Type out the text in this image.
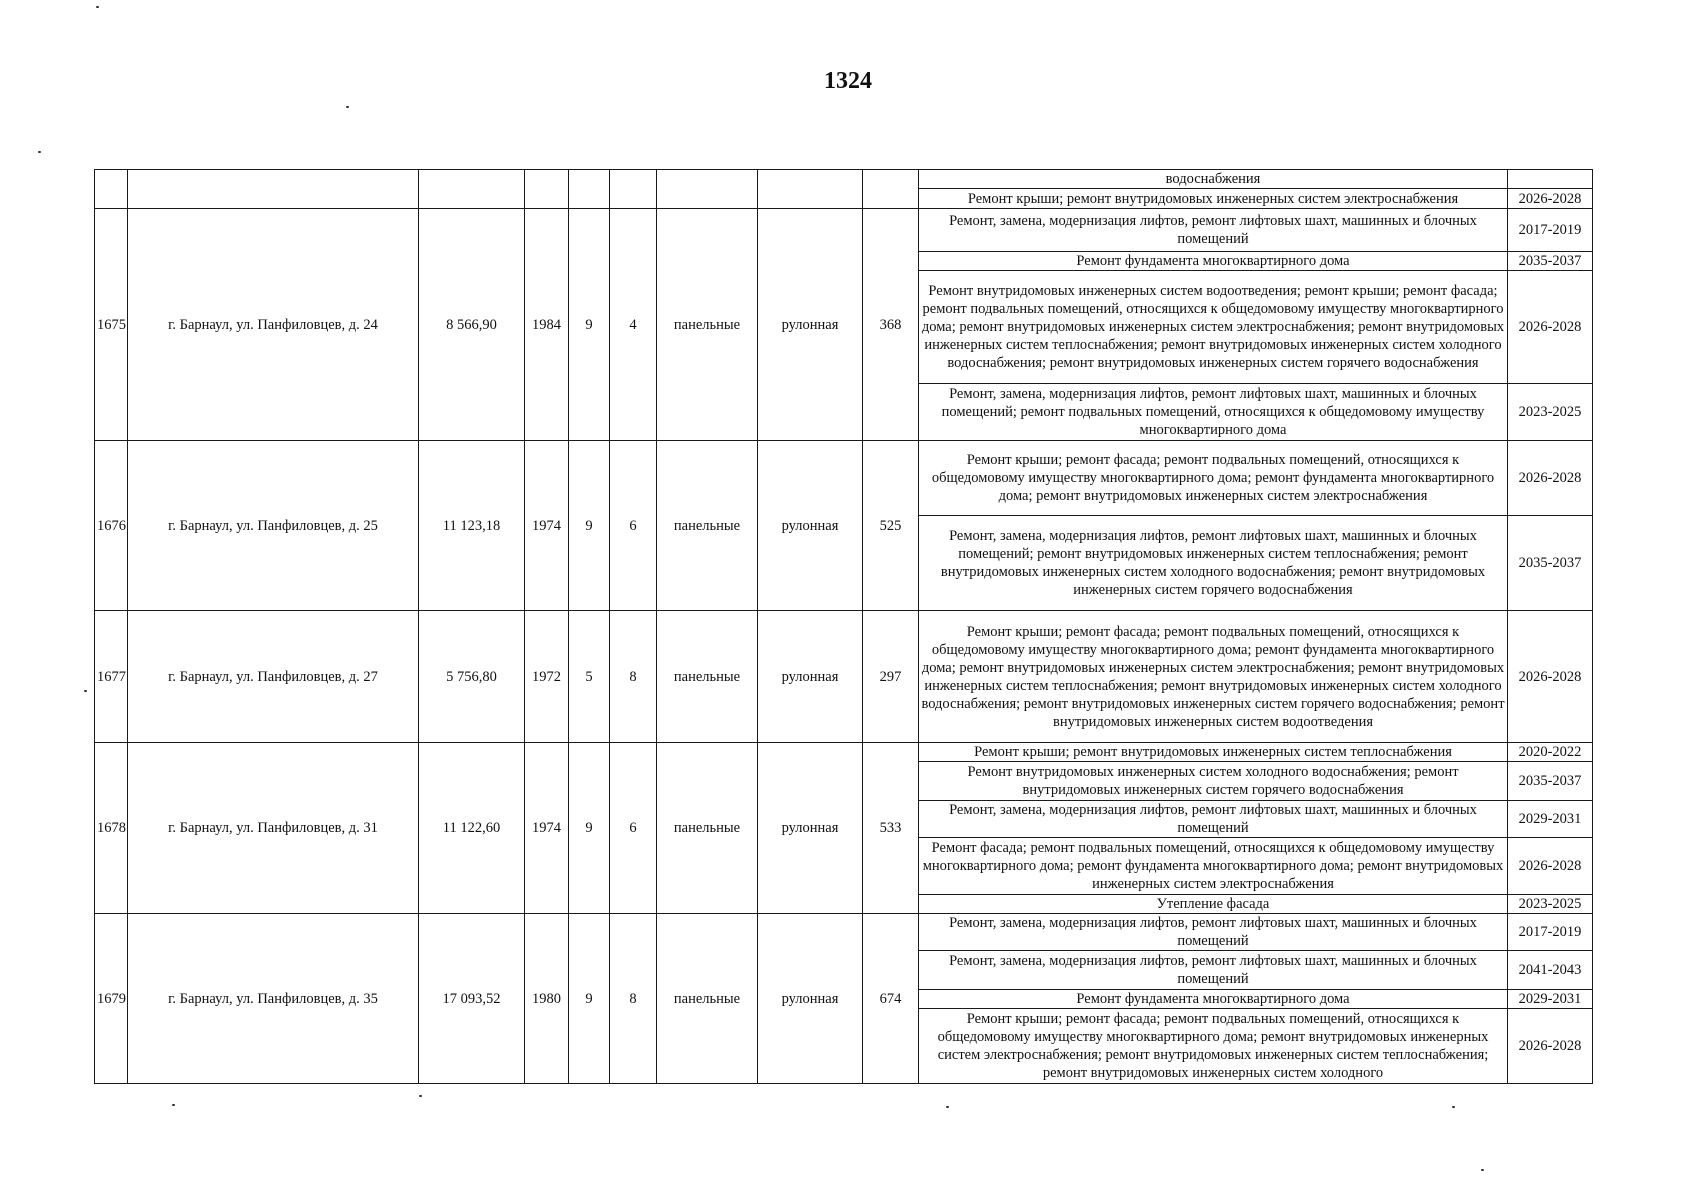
1324
									водоснабжения	
									Ремонт крыши; ремонт внутридомовых инженерных систем электроснабжения	2026-2028
1675	г. Барнаул, ул. Панфиловцев, д. 24	8 566,90	1984	9	4	панельные	рулонная	368	Ремонт, замена, модернизация лифтов, ремонт лифтовых шахт, машинных и блочных помещений	2017-2019
									Ремонт фундамента многоквартирного дома	2035-2037
									Ремонт внутридомовых инженерных систем водоотведения; ремонт крыши; ремонт фасада; ремонт подвальных помещений, относящихся к общедомовому имуществу многоквартирного дома; ремонт внутридомовых инженерных систем электроснабжения; ремонт внутридомовых инженерных систем теплоснабжения; ремонт внутридомовых инженерных систем холодного водоснабжения; ремонт внутридомовых инженерных систем горячего водоснабжения	2026-2028
									Ремонт, замена, модернизация лифтов, ремонт лифтовых шахт, машинных и блочных помещений; ремонт подвальных помещений, относящихся к общедомовому имуществу многоквартирного дома	2023-2025
1676	г. Барнаул, ул. Панфиловцев, д. 25	11 123,18	1974	9	6	панельные	рулонная	525	Ремонт крыши; ремонт фасада; ремонт подвальных помещений, относящихся к общедомовому имуществу многоквартирного дома; ремонт фундамента многоквартирного дома; ремонт внутридомовых инженерных систем электроснабжения	2026-2028
									Ремонт, замена, модернизация лифтов, ремонт лифтовых шахт, машинных и блочных помещений; ремонт внутридомовых инженерных систем теплоснабжения; ремонт внутридомовых инженерных систем холодного водоснабжения; ремонт внутридомовых инженерных систем горячего водоснабжения	2035-2037
1677	г. Барнаул, ул. Панфиловцев, д. 27	5 756,80	1972	5	8	панельные	рулонная	297	Ремонт крыши; ремонт фасада; ремонт подвальных помещений, относящихся к общедомовому имуществу многоквартирного дома; ремонт фундамента многоквартирного дома; ремонт внутридомовых инженерных систем электроснабжения; ремонт внутридомовых инженерных систем теплоснабжения; ремонт внутридомовых инженерных систем холодного водоснабжения; ремонт внутридомовых инженерных систем горячего водоснабжения; ремонт внутридомовых инженерных систем водоотведения	2026-2028
1678	г. Барнаул, ул. Панфиловцев, д. 31	11 122,60	1974	9	6	панельные	рулонная	533	Ремонт крыши; ремонт внутридомовых инженерных систем теплоснабжения	2020-2022
									Ремонт внутридомовых инженерных систем холодного водоснабжения; ремонт внутридомовых инженерных систем горячего водоснабжения	2035-2037
									Ремонт, замена, модернизация лифтов, ремонт лифтовых шахт, машинных и блочных помещений	2029-2031
									Ремонт фасада; ремонт подвальных помещений, относящихся к общедомовому имуществу многоквартирного дома; ремонт фундамента многоквартирного дома; ремонт внутридомовых инженерных систем электроснабжения	2026-2028
									Утепление фасада	2023-2025
1679	г. Барнаул, ул. Панфиловцев, д. 35	17 093,52	1980	9	8	панельные	рулонная	674	Ремонт, замена, модернизация лифтов, ремонт лифтовых шахт, машинных и блочных помещений	2017-2019
									Ремонт, замена, модернизация лифтов, ремонт лифтовых шахт, машинных и блочных помещений	2041-2043
									Ремонт фундамента многоквартирного дома	2029-2031
									Ремонт крыши; ремонт фасада; ремонт подвальных помещений, относящихся к общедомовому имуществу многоквартирного дома; ремонт внутридомовых инженерных систем электроснабжения; ремонт внутридомовых инженерных систем теплоснабжения; ремонт внутридомовых инженерных систем холодного	2026-2028
